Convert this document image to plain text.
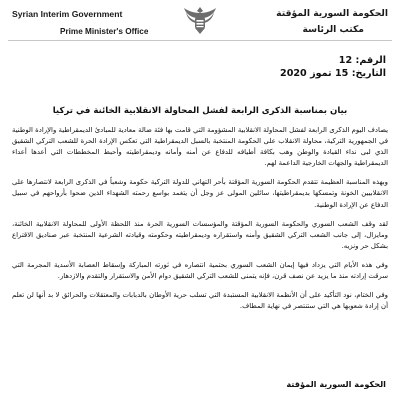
Syrian Interim Government
Prime Minister's Office
الحكومة السورية المؤقتة
مكتب الرئاسة
الرقم: 12
التاريخ: 15 تموز 2020
بيان بمناسبة الذكرى الرابعة لفشل المحاولة الانقلابية الخائنة في تركيا

يصادف اليوم الذكرى الرابعة لفشل المحاولة الانقلابية المشؤومة التي قامت بها فئة ضالة معادية للمبادئ الديمقراطية والإرادة الوطنية في الجمهورية التركية، محاولة الانقلاب على الحكومة المنتخبة بالسبل الديمقراطية التي تعكس الإرادة الحرة للشعب التركي الشقيق الذي لبى نداء القيادة والوطن وهب بكافة أطيافه للدفاع عن أمنه وأمانه وديمقراطيته وأحبط المخططات التي أعدها أعداء الديمقراطية والجهات الخارجية الداعمة لهم.

وبهذه المناسبة العظيمة تتقدم الحكومة السورية المؤقتة بأحر التهاني للدولة التركية حكومة وشعباً في الذكرى الرابعة لانتصارها على الانقلابيين الخونة وتمسكها بديمقراطيتها، سائلين المولى عز وجل أن يتغمد بواسع رحمته الشهداء الذين ضحوا بأرواحهم في سبيل الدفاع عن الإرادة الوطنية.

لقد وقف الشعب السوري والحكومة السورية المؤقتة والمؤسسات السورية الحرة منذ اللحظة الأولى للمحاولة الانقلابية الخائنة، ومايزال، إلى جانب الشعب التركي الشقيق وأمنه واستقراره وديمقراطيته وحكومته وقيادته الشرعية المنتخبة عبر صناديق الاقتراع بشكل حر ونزيه.

وفي هذه الأيام التي يزداد فيها إيمان الشعب السوري بحتمية انتصاره في ثورته المباركة وإسقاط العصابة الأسدية المجرمة التي سرقت إرادته منذ ما يزيد عن نصف قرن، فإنه يتمنى للشعب التركي الشقيق دوام الأمن والاستقرار والتقدم والازدهار.

وفي الختام، نود التأكيد على أن الأنظمة الانقلابية المستبدة التي تسلب حرية الأوطان بالدبابات والمعتقلات والحرائق لا بد أنها لن تعلم أن إرادة شعوبها هي التي ستنتصر في نهاية المطاف.

الحكومة السورية المؤقتة
